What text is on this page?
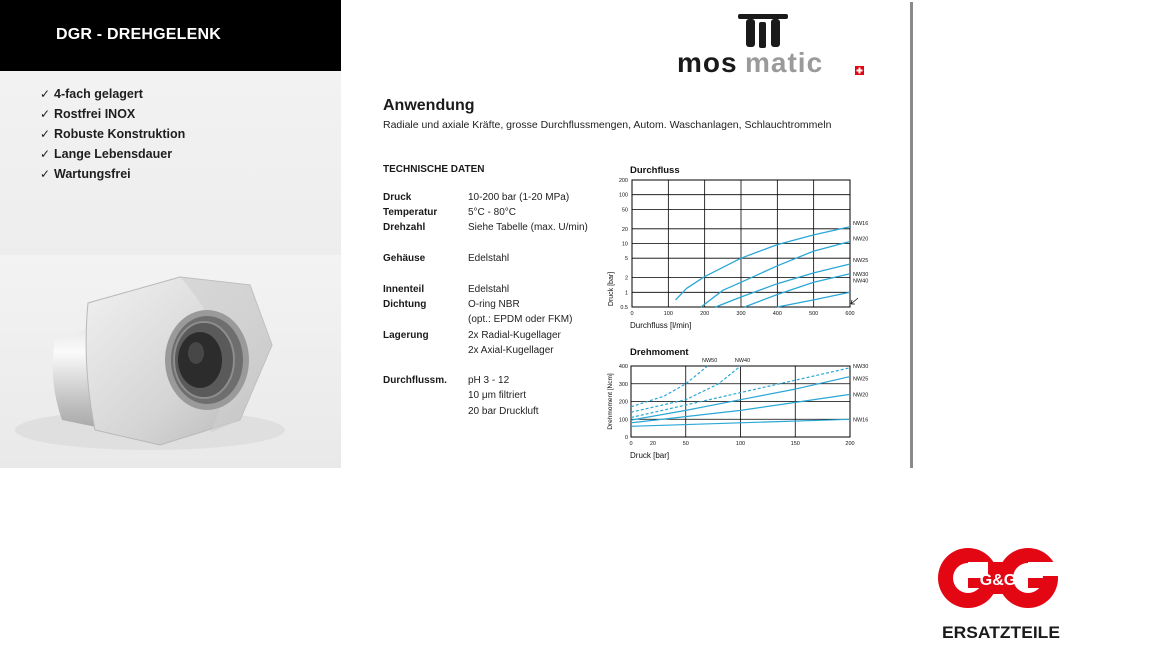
DGR - DREHGELENK
✓ 4-fach gelagert
✓ Rostfrei INOX
✓ Robuste Konstruktion
✓ Lange Lebensdauer
✓ Wartungsfrei
mos matic
Anwendung
Radiale und axiale Kräfte, grosse Durchflussmengen, Autom. Waschanlagen, Schlauchtrommeln
TECHNISCHE DATEN
Druck	10-200 bar (1-20 MPa)
Temperatur	5°C - 80°C
Drehzahl	Siehe Tabelle (max. U/min)
Gehäuse	Edelstahl
Innenteil	Edelstahl
Dichtung	O-ring NBR
(opt.: EPDM oder FKM)
Lagerung	2x Radial-Kugellager
2x Axial-Kugellager
Durchflussm. pH 3 - 12
10 μm filtriert
20 bar Druckluft
Durchfluss
0	100	200	300	400	500	600
0.5
1
2
5
10
20
50
100
200
Durchfluss [l/min]
Druck [bar]
NW16
NW20
NW25
NW30
NW40
Drehmoment
0	20	50	100	150	200
0
100
200
300
400
Druck [bar]
Drehmoment [Ncm]	NW16
NW20
NW25
NW30
NW50	NW40
G&G
ERSATZTEILE
